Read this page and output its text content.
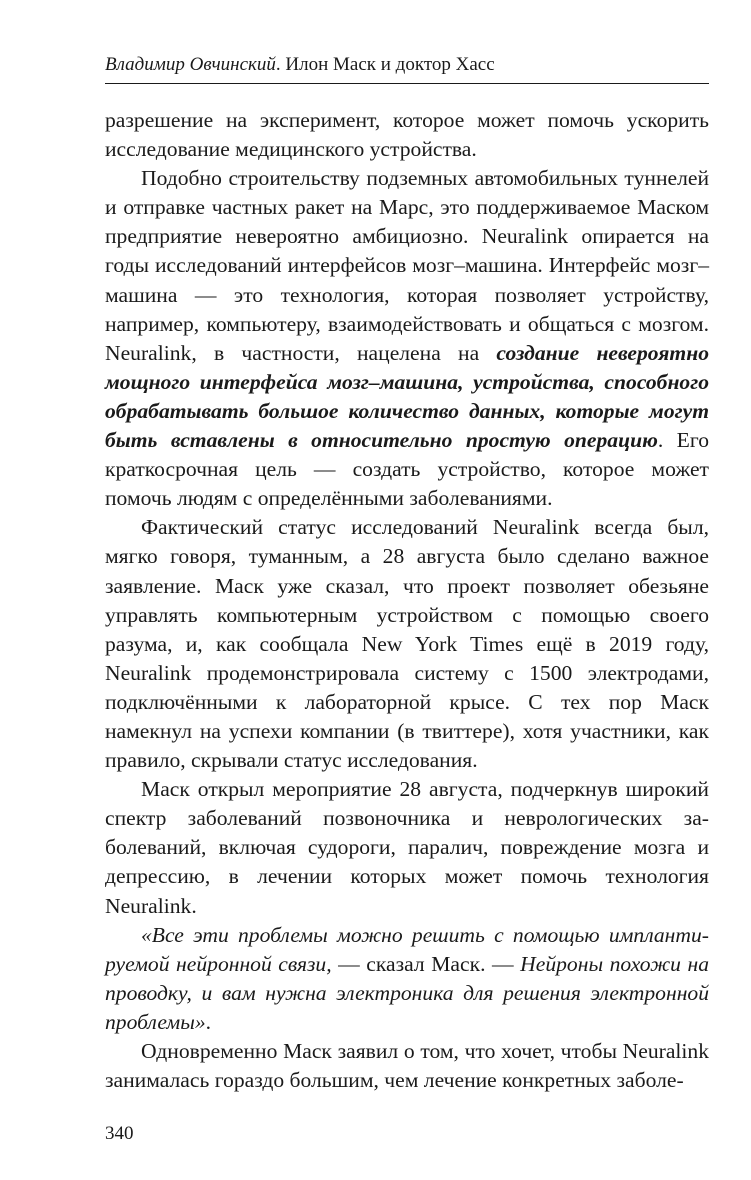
Владимир Овчинский. Илон Маск и доктор Хасс

разрешение на эксперимент, которое может помочь ускорить исследование медицинского устройства.

Подобно строительству подземных автомобильных туннелей и отправке частных ракет на Марс, это поддерживаемое Маском предприятие невероятно амбициозно. Neuralink опирается на годы исследований интерфейсов мозг–машина. Интерфейс мозг–машина — это технология, которая позволяет устройству, например, компьютеру, взаимодействовать и общаться с мозгом. Neuralink, в частности, нацелена на создание невероятно мощного интерфейса мозг–машина, устройства, способного обрабатывать большое количество данных, которые могут быть вставлены в относительно простую операцию. Его краткосрочная цель — создать устройство, которое может помочь людям с определёнными заболеваниями.

Фактический статус исследований Neuralink всегда был, мягко говоря, туманным, а 28 августа было сделано важное заявление. Маск уже сказал, что проект позволяет обезьяне управлять компьютерным устройством с помощью своего разума, и, как сообщала New York Times ещё в 2019 году, Neuralink продемонстрировала систему с 1500 электродами, подключёнными к лабораторной крысе. С тех пор Маск намекнул на успехи компании (в твиттере), хотя участники, как правило, скрывали статус исследования.

Маск открыл мероприятие 28 августа, подчеркнув широкий спектр заболеваний позвоночника и неврологических заболеваний, включая судороги, паралич, повреждение мозга и депрессию, в лечении которых может помочь технология Neuralink.

«Все эти проблемы можно решить с помощью имплантируемой нейронной связи, — сказал Маск. — Нейроны похожи на проводку, и вам нужна электроника для решения электронной проблемы».

Одновременно Маск заявил о том, что хочет, чтобы Neuralink занималась гораздо большим, чем лечение конкретных заболе-

340
